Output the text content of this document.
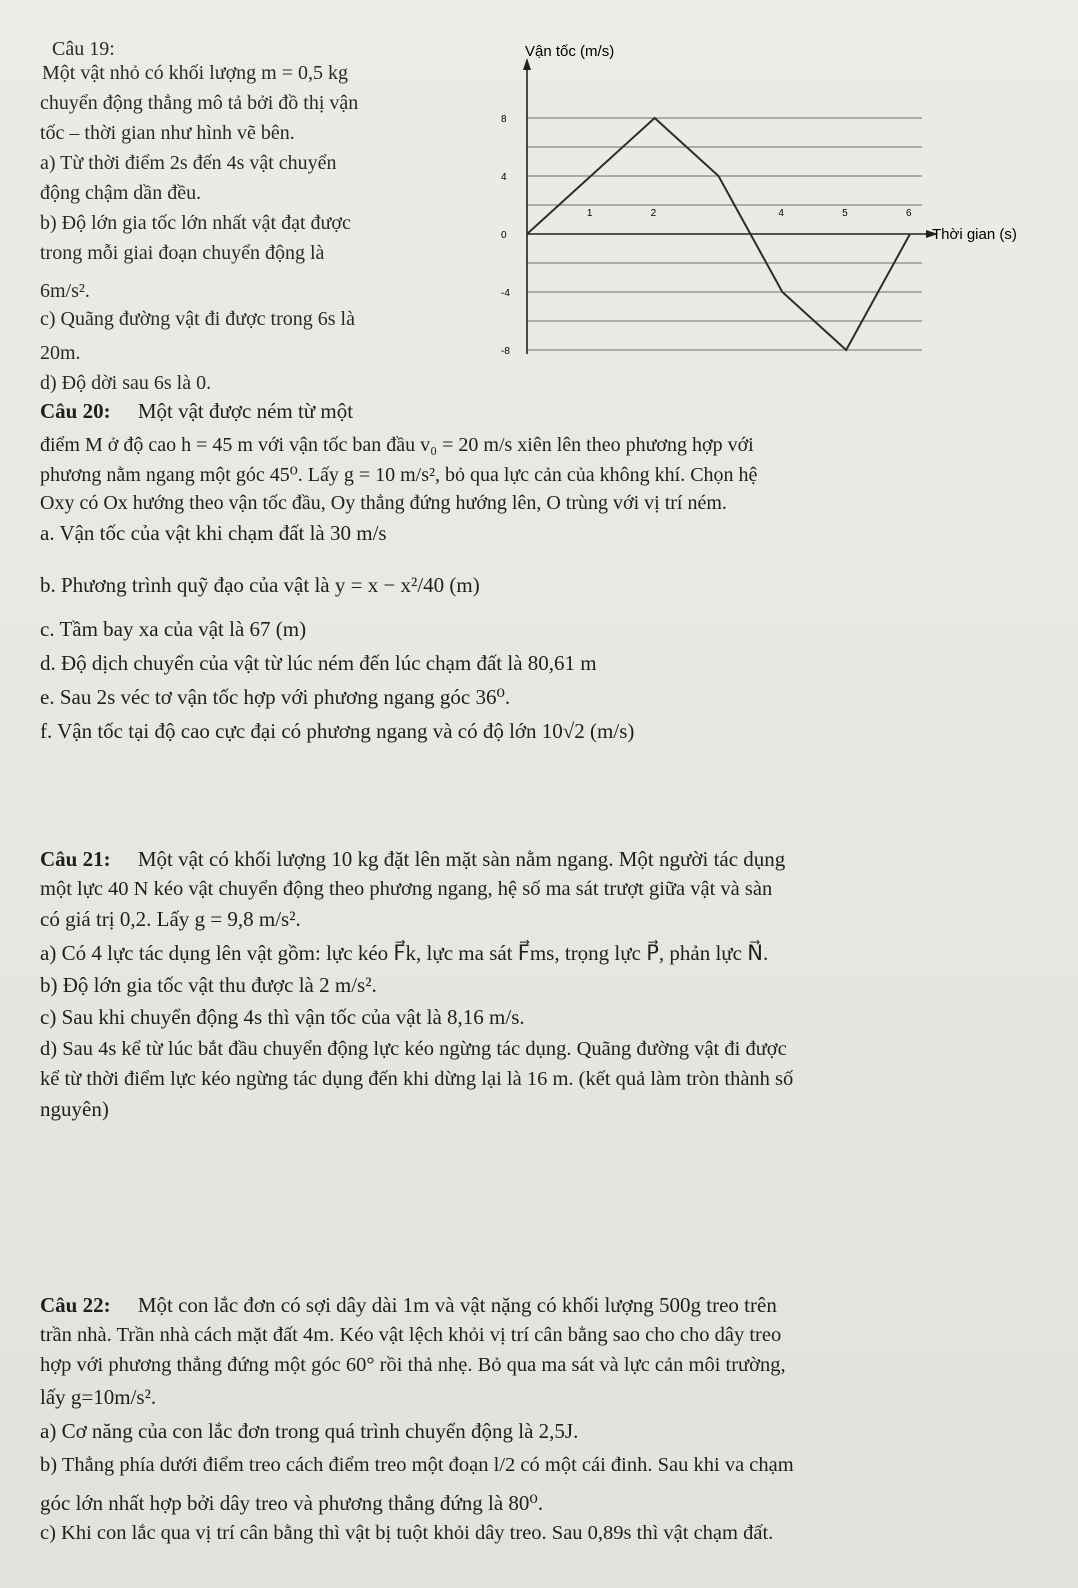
Câu 19:
Một vật nhỏ có khối lượng m = 0,5 kg
chuyển động thẳng mô tả bởi đồ thị vận
tốc – thời gian như hình vẽ bên.
a) Từ thời điểm 2s đến 4s vật chuyển
động chậm dần đều.
b) Độ lớn gia tốc lớn nhất vật đạt được
trong mỗi giai đoạn chuyển động là
6m/s².
c) Quãng đường vật đi được trong 6s là
20m.
d) Độ dời sau 6s là 0.
Vận tốc (m/s)
Thời gian (s)
1	2	4	5	6
8
4
0
-4
-8
Câu 20: Một vật được ném từ một
điểm M ở độ cao h = 45 m với vận tốc ban đầu v₀ = 20 m/s xiên lên theo phương hợp với
phương nằm ngang một góc 45⁰. Lấy g = 10 m/s², bỏ qua lực cản của không khí. Chọn hệ
Oxy có Ox hướng theo vận tốc đầu, Oy thẳng đứng hướng lên, O trùng với vị trí ném.
a. Vận tốc của vật khi chạm đất là 30 m/s
b. Phương trình quỹ đạo của vật là y = x − x²/40 (m)
c. Tầm bay xa của vật là 67 (m)
d. Độ dịch chuyển của vật từ lúc ném đến lúc chạm đất là 80,61 m
e. Sau 2s véc tơ vận tốc hợp với phương ngang góc 36⁰.
f. Vận tốc tại độ cao cực đại có phương ngang và có độ lớn 10√2 (m/s)
Câu 21: Một vật có khối lượng 10 kg đặt lên mặt sàn nằm ngang. Một người tác dụng
một lực 40 N kéo vật chuyển động theo phương ngang, hệ số ma sát trượt giữa vật và sàn
có giá trị 0,2. Lấy g = 9,8 m/s².
a) Có 4 lực tác dụng lên vật gồm: lực kéo F⃗k, lực ma sát F⃗ms, trọng lực P⃗, phản lực N⃗.
b) Độ lớn gia tốc vật thu được là 2 m/s².
c) Sau khi chuyển động 4s thì vận tốc của vật là 8,16 m/s.
d) Sau 4s kể từ lúc bắt đầu chuyển động lực kéo ngừng tác dụng. Quãng đường vật đi được
kể từ thời điểm lực kéo ngừng tác dụng đến khi dừng lại là 16 m. (kết quả làm tròn thành số
nguyên)
Câu 22: Một con lắc đơn có sợi dây dài 1m và vật nặng có khối lượng 500g treo trên
trần nhà. Trần nhà cách mặt đất 4m. Kéo vật lệch khỏi vị trí cân bằng sao cho cho dây treo
hợp với phương thẳng đứng một góc 60° rồi thả nhẹ. Bỏ qua ma sát và lực cản môi trường,
lấy g=10m/s².
a) Cơ năng của con lắc đơn trong quá trình chuyển động là 2,5J.
b) Thẳng phía dưới điểm treo cách điểm treo một đoạn l/2 có một cái đinh. Sau khi va chạm
góc lớn nhất hợp bởi dây treo và phương thẳng đứng là 80⁰.
c) Khi con lắc qua vị trí cân bằng thì vật bị tuột khỏi dây treo. Sau 0,89s thì vật chạm đất.
